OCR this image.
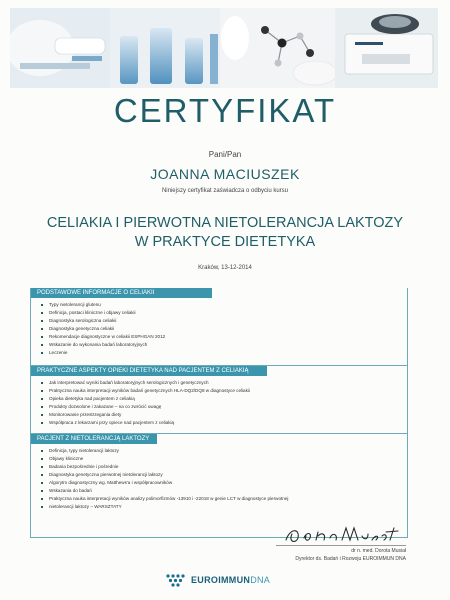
CERTYFIKAT
Pani/Pan
JOANNA MACIUSZEK
Niniejszy certyfikat zaświadcza o odbyciu kursu
CELIAKIA I PIERWOTNA NIETOLERANCJA LAKTOZY
W PRAKTYCE DIETETYKA
Kraków, 13-12-2014
PODSTAWOWE INFORMACJE O CELIAKII
Typy nietolerancji glutenu
Definicja, postaci kliniczne i objawy celiakii
Diagnostyka serologiczna celiakii
Diagnostyka genetyczna celiakii
Rekomendacje diagnostyczne w celiakii ESPHGAN 2012
Wskazanie do wykonania badań laboratoryjnych
Leczenie
PRAKTYCZNE ASPEKTY OPIEKI DIETETYKA NAD PACJENTEM Z CELIAKIĄ
Jak interpretować wyniki badań laboratoryjnych serologicznych i genetycznych
Praktyczna nauka interpretacji wyników badań genetycznych HLA-DQ2/DQ8 w diagnostyce celiakii
Opieka dietetyka nad pacjentem z celiakią
Produkty dozwolone i zakazane – na co zwrócić uwagę
Monitorowanie przestrzegania diety
Współpraca z lekarzami przy opiece nad pacjentem z celiakią
PACJENT Z NIETOLERANCJĄ LAKTOZY
Definicja, typy nietolerancji laktozy
Objawy kliniczne
Badania bezpośrednie i pośrednie
Diagnostyka genetyczna pierwotnej nietolerancji laktozy
Algorytm diagnostyczny wg. Matthews'a i współpracowników
Wskazania do badań
Praktyczna nauka interpretacji wyników analizy polimorfizmów -13910 i -22018 w genie LCT w diagnostyce pierwotnej
nietolerancji laktozy – WARSZTATY
dr n. med. Dorota Musiał
Dyrektor ds. Badań i Rozwoju EUROIMMUN DNA
EUROIMMUNDNA
